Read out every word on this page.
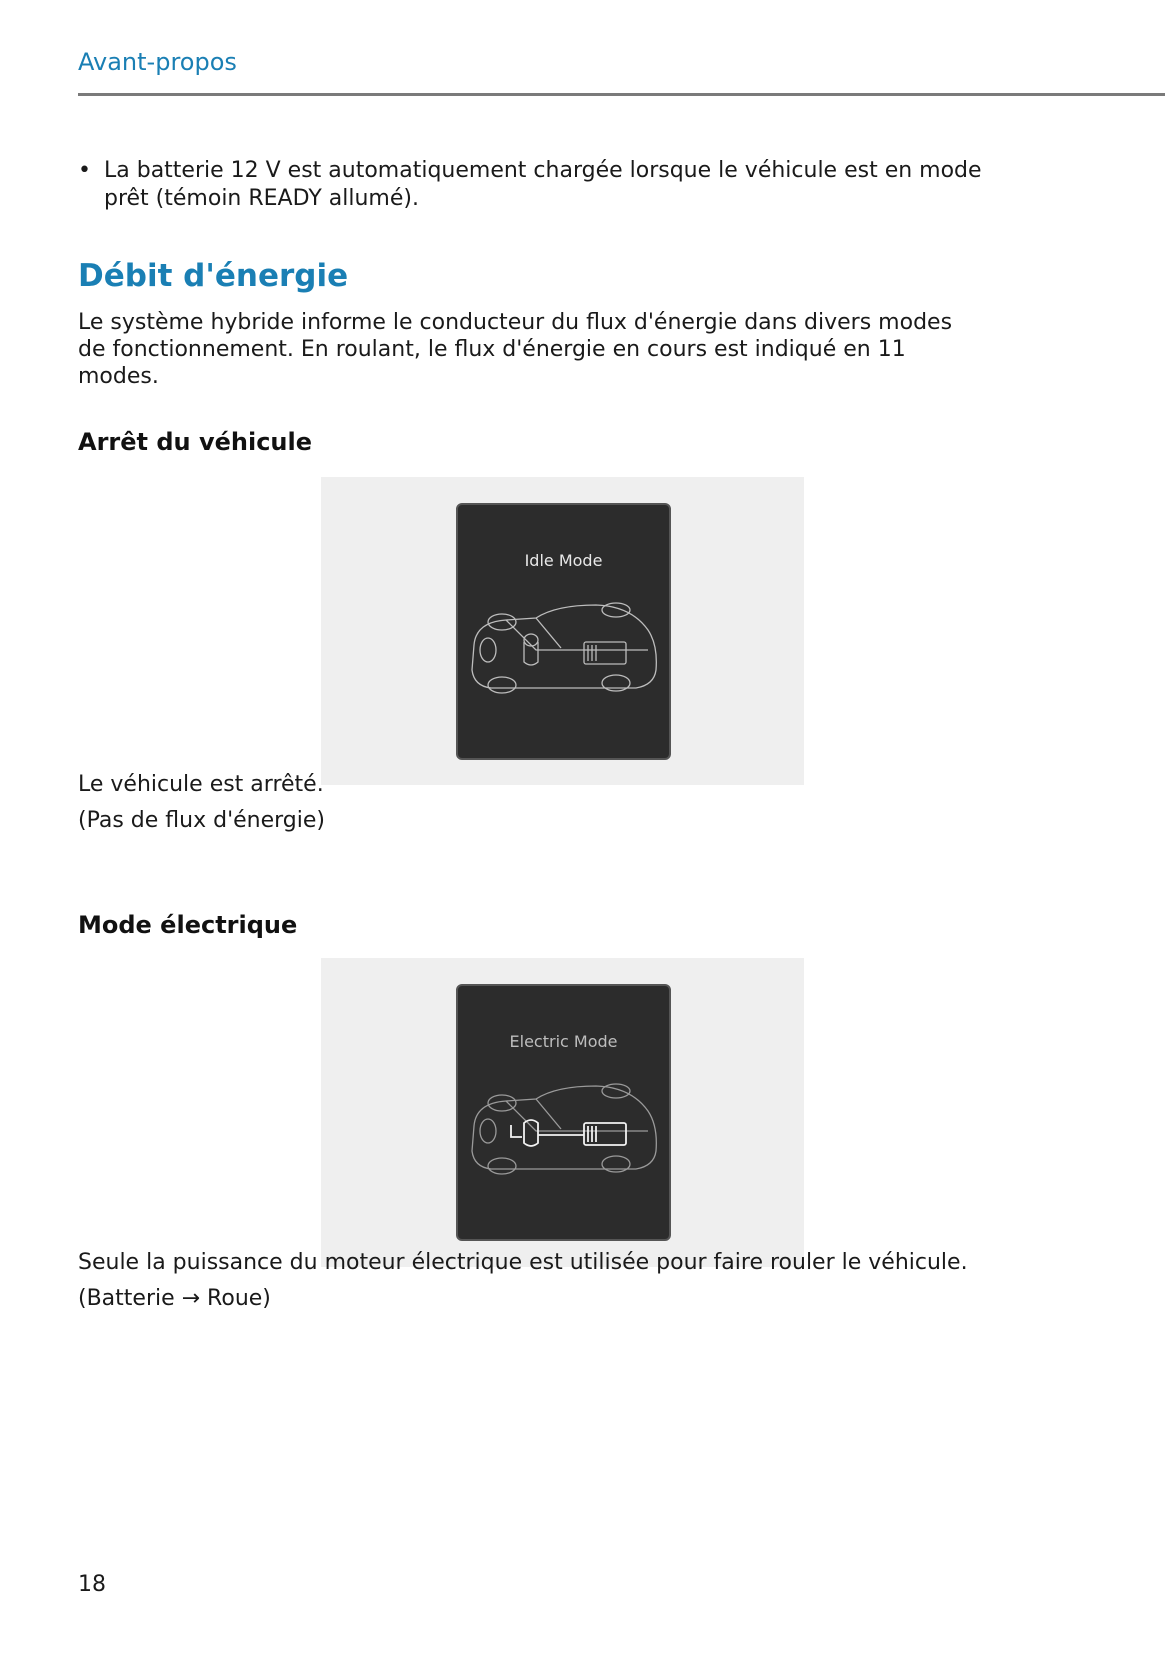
Avant-propos
• La batterie 12 V est automatiquement chargée lorsque le véhicule est en mode
prêt (témoin READY allumé).
Débit d'énergie
Le système hybride informe le conducteur du flux d'énergie dans divers modes
de fonctionnement. En roulant, le flux d'énergie en cours est indiqué en 11
modes.
Arrêt du véhicule
Idle Mode
Le véhicule est arrêté.
(Pas de flux d'énergie)
Mode électrique
Electric Mode
Seule la puissance du moteur électrique est utilisée pour faire rouler le véhicule.
(Batterie → Roue)
18
